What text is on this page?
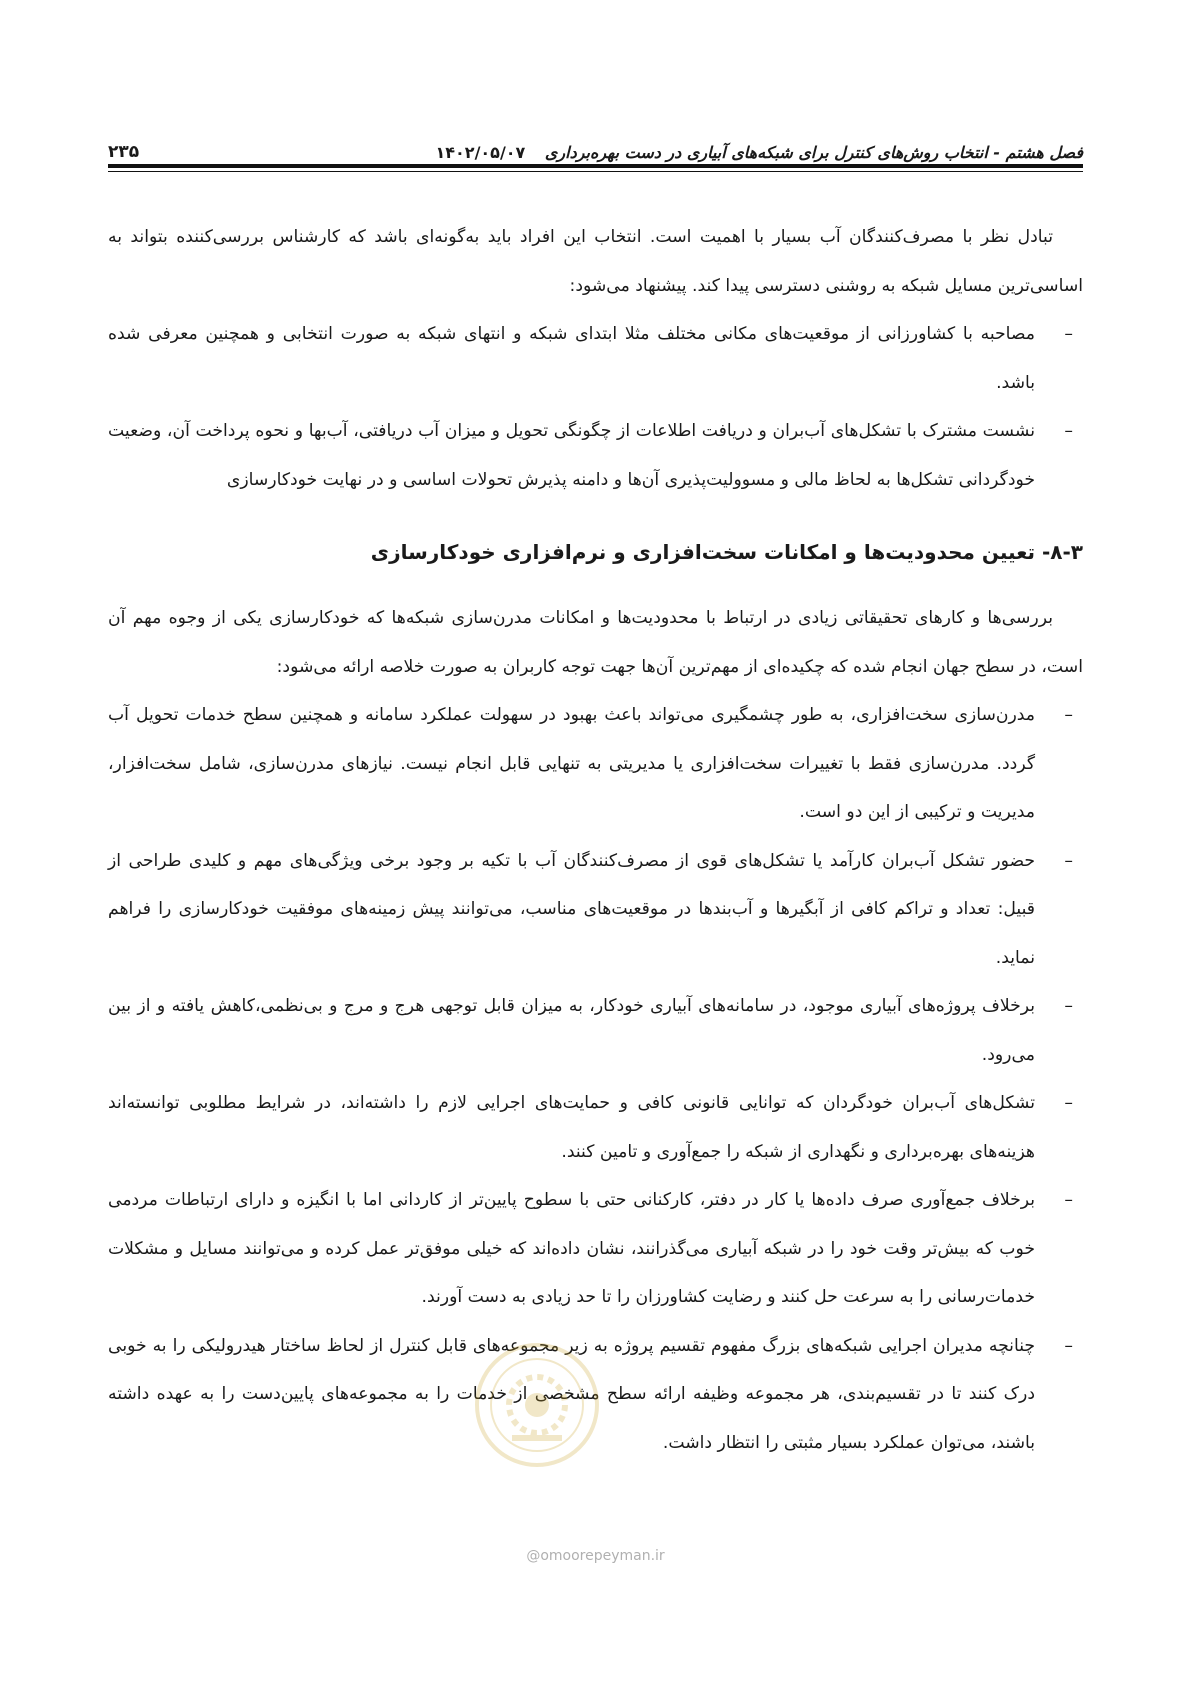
فصل هشتم - انتخاب روش‌های کنترل برای شبکه‌های آبیاری در دست بهره‌برداری ۱۴۰۲/۰۵/۰۷
۲۳۵

تبادل نظر با مصرف‌کنندگان آب بسیار با اهمیت است. انتخاب این افراد باید به‌گونه‌ای باشد که کارشناس بررسی‌کننده بتواند به اساسی‌ترین مسایل شبکه به روشنی دسترسی پیدا کند. پیشنهاد می‌شود:

–
مصاحبه با کشاورزانی از موقعیت‌های مکانی مختلف مثلا ابتدای شبکه و انتهای شبکه به صورت انتخابی و همچنین معرفی شده باشد.
–
نشست مشترک با تشکل‌های آب‌بران و دریافت اطلاعات از چگونگی تحویل و میزان آب دریافتی، آب‌بها و نحوه پرداخت آن، وضعیت خودگردانی تشکل‌ها به لحاظ مالی و مسوولیت‌پذیری آن‌ها و دامنه پذیرش تحولات اساسی و در نهایت خودکارسازی
۸-۳- تعیین محدودیت‌ها و امکانات سخت‌افزاری و نرم‌افزاری خودکارسازی

بررسی‌ها و کارهای تحقیقاتی زیادی در ارتباط با محدودیت‌ها و امکانات مدرن‌سازی شبکه‌ها که خودکارسازی یکی از وجوه مهم آن است، در سطح جهان انجام شده که چکیده‌ای از مهم‌ترین آن‌ها جهت توجه کاربران به صورت خلاصه ارائه می‌شود:

–
مدرن‌سازی سخت‌افزاری، به طور چشمگیری می‌تواند باعث بهبود در سهولت عملکرد سامانه و همچنین سطح خدمات تحویل آب گردد. مدرن‌سازی فقط با تغییرات سخت‌افزاری یا مدیریتی به تنهایی قابل انجام نیست. نیازهای مدرن‌سازی، شامل سخت‌افزار، مدیریت و ترکیبی از این دو است.
–
حضور تشکل آب‌بران کارآمد یا تشکل‌های قوی از مصرف‌کنندگان آب با تکیه بر وجود برخی ویژگی‌های مهم و کلیدی طراحی از قبیل: تعداد و تراکم کافی از آبگیرها و آب‌بندها در موقعیت‌های مناسب، می‌توانند پیش زمینه‌های موفقیت خودکارسازی را فراهم نماید.
–
برخلاف پروژه‌های آبیاری موجود، در سامانه‌های آبیاری خودکار، به میزان قابل توجهی هرج و مرج و بی‌نظمی،کاهش یافته و از بین می‌رود.
–
تشکل‌های آب‌بران خودگردان که توانایی قانونی کافی و حمایت‌های اجرایی لازم را داشته‌اند، در شرایط مطلوبی توانسته‌اند هزینه‌های بهره‌برداری و نگهداری از شبکه را جمع‌آوری و تامین کنند.
–
برخلاف جمع‌آوری صرف داده‌ها یا کار در دفتر، کارکنانی حتی با سطوح پایین‌تر از کاردانی اما با انگیزه و دارای ارتباطات مردمی خوب که بیش‌تر وقت خود را در شبکه آبیاری می‌گذرانند، نشان داده‌اند که خیلی موفق‌تر عمل کرده و می‌توانند مسایل و مشکلات خدمات‌رسانی را به سرعت حل کنند و رضایت کشاورزان را تا حد زیادی به دست آورند.
–
چنانچه مدیران اجرایی شبکه‌های بزرگ مفهوم تقسیم پروژه به زیر مجموعه‌های قابل کنترل از لحاظ ساختار هیدرولیکی را به خوبی درک کنند تا در تقسیم‌بندی، هر مجموعه وظیفه ارائه سطح مشخصی از خدمات را به مجموعه‌های پایین‌دست را به عهده داشته باشند، می‌توان عملکرد بسیار مثبتی را انتظار داشت.
@omoorepeyman.ir
